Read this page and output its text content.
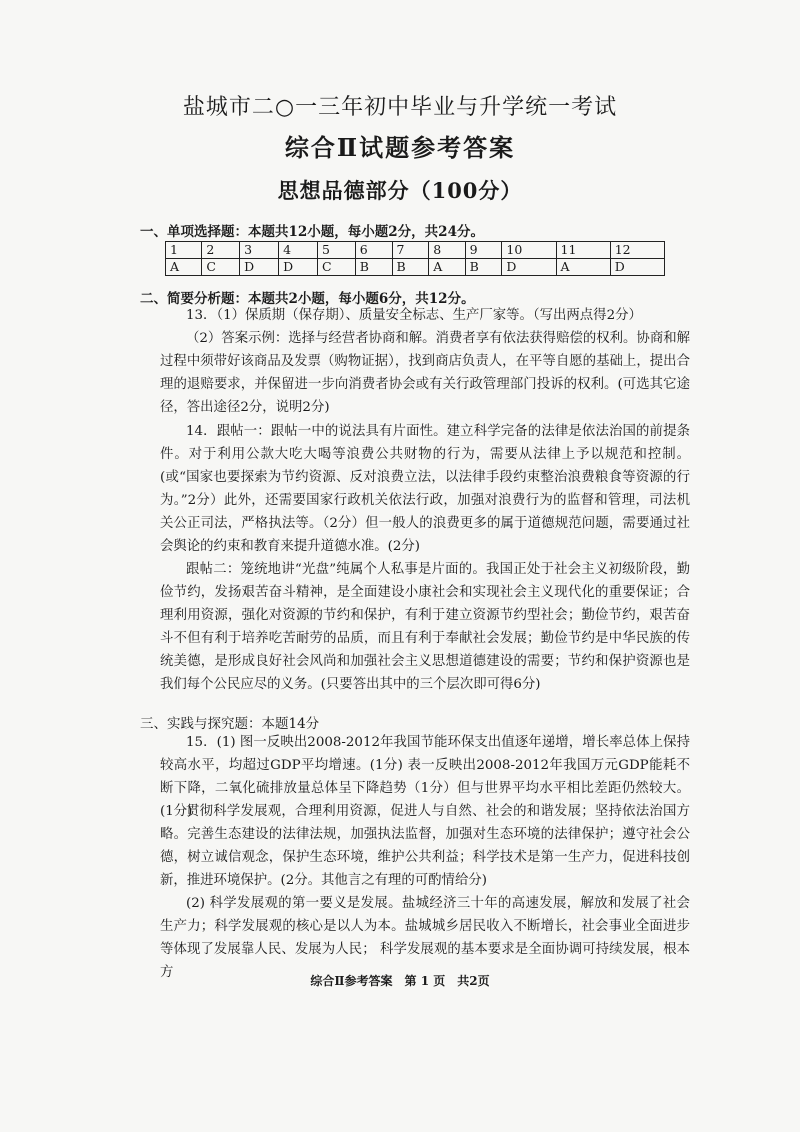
盐城市二○一三年初中毕业与升学统一考试
综合Ⅱ试题参考答案
思想品德部分（100分）
一、单项选择题：本题共12小题，每小题2分，共24分。
1	2	3	4	5	6	7	8	9	10	11	12
A	C	D	D	C	B	B	A	B	D	A	D
二、简要分析题：本题共2小题，每小题6分，共12分。
13．（1）保质期（保存期）、质量安全标志、生产厂家等。（写出两点得2分）
（2）答案示例：选择与经营者协商和解。消费者享有依法获得赔偿的权利。协商和解过程中须带好该商品及发票（购物证据），找到商店负责人，在平等自愿的基础上，提出合理的退赔要求，并保留进一步向消费者协会或有关行政管理部门投诉的权利。(可选其它途径，答出途径2分，说明2分)
14．跟帖一：跟帖一中的说法具有片面性。建立科学完备的法律是依法治国的前提条件。对于利用公款大吃大喝等浪费公共财物的行为，需要从法律上予以规范和控制。(或“国家也要探索为节约资源、反对浪费立法，以法律手段约束整治浪费粮食等资源的行为。”2分）此外，还需要国家行政机关依法行政，加强对浪费行为的监督和管理，司法机关公正司法，严格执法等。（2分）但一般人的浪费更多的属于道德规范问题，需要通过社会舆论的约束和教育来提升道德水准。(2分)
跟帖二：笼统地讲“光盘”纯属个人私事是片面的。我国正处于社会主义初级阶段，勤俭节约，发扬艰苦奋斗精神，是全面建设小康社会和实现社会主义现代化的重要保证；合理利用资源，强化对资源的节约和保护，有利于建立资源节约型社会；勤俭节约，艰苦奋斗不但有利于培养吃苦耐劳的品质，而且有利于奉献社会发展；勤俭节约是中华民族的传统美德，是形成良好社会风尚和加强社会主义思想道德建设的需要；节约和保护资源也是我们每个公民应尽的义务。(只要答出其中的三个层次即可得6分)
三、实践与探究题：本题14分
15．(1) 图一反映出2008-2012年我国节能环保支出值逐年递增，增长率总体上保持较高水平，均超过GDP平均增速。(1分) 表一反映出2008-2012年我国万元GDP能耗不断下降，二氧化硫排放量总体呈下降趋势（1分）但与世界平均水平相比差距仍然较大。(1分)
贯彻科学发展观，合理利用资源，促进人与自然、社会的和谐发展；坚持依法治国方略。完善生态建设的法律法规，加强执法监督，加强对生态环境的法律保护；遵守社会公德，树立诚信观念，保护生态环境，维护公共利益；科学技术是第一生产力，促进科技创新，推进环境保护。(2分。其他言之有理的可酌情给分)
(2) 科学发展观的第一要义是发展。盐城经济三十年的高速发展，解放和发展了社会生产力；科学发展观的核心是以人为本。盐城城乡居民收入不断增长，社会事业全面进步等体现了发展靠人民、发展为人民； 科学发展观的基本要求是全面协调可持续发展，根本方
综合Ⅱ参考答案　第 1 页　共2页
